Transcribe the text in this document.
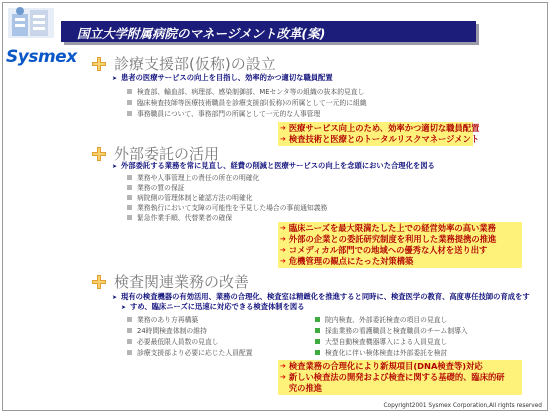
Sysmex
国立大学附属病院のマネージメント改革(案)
診療支援部(仮称)の設立
➤ 患者の医療サービスの向上を目指し、効率的かつ適切な職員配置
検査部、輸血部、病理部、感染制御部、MEセンタ等の組織の抜本的見直し
臨床検査技師等医療技術職員を診療支援部(仮称)の所属として一元的に組織
事務職員について、事務部門の所属として一元的な人事管理
➔ 医療サービス向上のため、効率かつ適切な職員配置
➔ 検査技術と医療とのトータルリスクマネージメント
外部委託の活用
➤ 外部委託する業務を常に見直し、経費の削減と医療サービスの向上を念頭においた合理化を図る
業務や人事管理上の責任の所在の明確化
業務の質の保証
病院側の管理体制と確認方法の明確化
業務執行において支障の可能性を予見した場合の事前通知義務
緊急作業手順、代替業者の確保
➔ 臨床ニーズを最大限満たした上での経営効率の高い業務
➔ 外部の企業との委託研究制度を利用した業務提携の推進
➔ コメディカル部門での地域への優秀な人材を送り出す
➔ 危機管理の観点にたった対策構築
検査関連業務の改善
➤ 現有の検査機器の有効活用、業務の合理化、検査室は精緻化を推進すると同時に、検査医学の教育、高度専任技師の育成をす
➤ すめ、臨床ニーズに迅速に対応できる検査体制を図る
業務のあり方再構築
24時間検査体制の維持
必要最低限人員数の見直し
診療支援部より必要に応じた人員配置
院内検査、外部委託検査の項目の見直し
採血業務の看護職員と検査職員のチーム制導入
大型自動検査機器導入による人員見直し
検査化に伴い検体検査は外部委託を検討
➔ 検査業務の合理化により新規項目(DNA検査等)対応
➔ 新しい検査法の開発および検査に関する基礎的、臨床的研
究の推進
Copyright2001 Sysmex Corporation,All rights reserved
